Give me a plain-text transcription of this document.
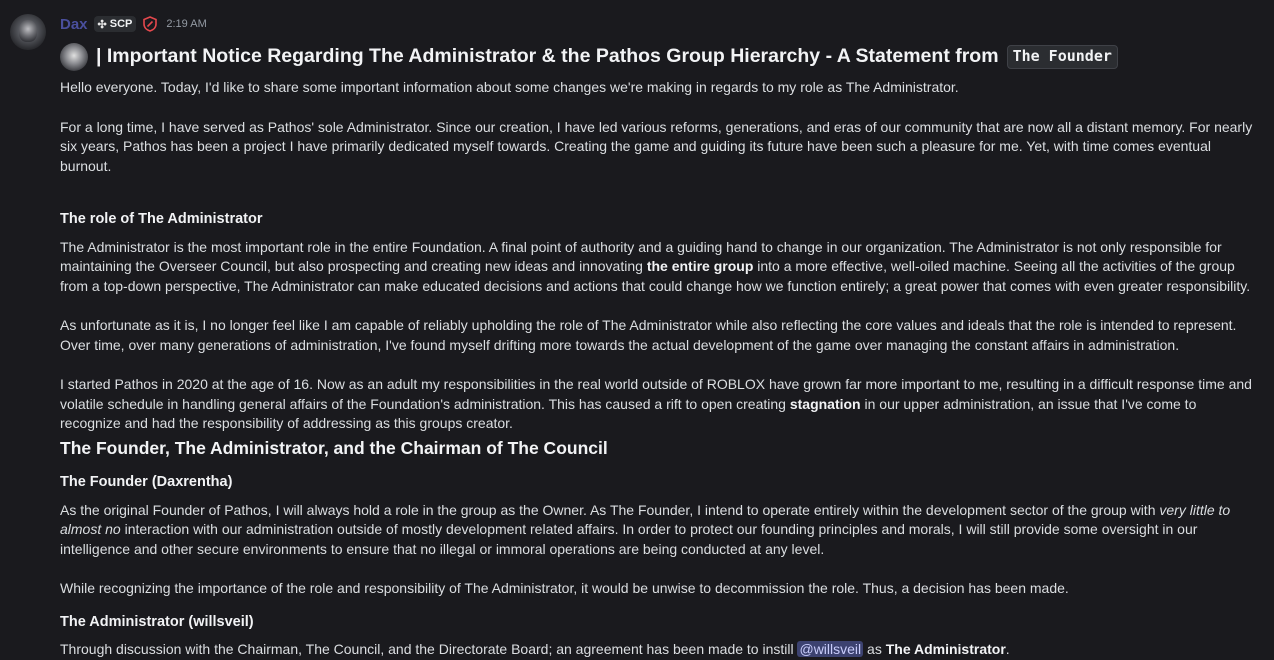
Dax ✣ SCP	2:19 AM
| Important Notice Regarding The Administrator & the Pathos Group Hierarchy - A Statement from The Founder

Hello everyone. Today, I'd like to share some important information about some changes we're making in regards to my role as The Administrator.

For a long time, I have served as Pathos' sole Administrator. Since our creation, I have led various reforms, generations, and eras of our community that are now all a distant memory. For nearly six years, Pathos has been a project I have primarily dedicated myself towards. Creating the game and guiding its future have been such a pleasure for me. Yet, with time comes eventual burnout.

The role of The Administrator

The Administrator is the most important role in the entire Foundation. A final point of authority and a guiding hand to change in our organization. The Administrator is not only responsible for maintaining the Overseer Council, but also prospecting and creating new ideas and innovating the entire group into a more effective, well-oiled machine. Seeing all the activities of the group from a top-down perspective, The Administrator can make educated decisions and actions that could change how we function entirely; a great power that comes with even greater responsibility.

As unfortunate as it is, I no longer feel like I am capable of reliably upholding the role of The Administrator while also reflecting the core values and ideals that the role is intended to represent. Over time, over many generations of administration, I've found myself drifting more towards the actual development of the game over managing the constant affairs in administration.

I started Pathos in 2020 at the age of 16. Now as an adult my responsibilities in the real world outside of ROBLOX have grown far more important to me, resulting in a difficult response time and volatile schedule in handling general affairs of the Foundation's administration. This has caused a rift to open creating stagnation in our upper administration, an issue that I've come to recognize and had the responsibility of addressing as this groups creator.

The Founder, The Administrator, and the Chairman of The Council

The Founder (Daxrentha)

As the original Founder of Pathos, I will always hold a role in the group as the Owner. As The Founder, I intend to operate entirely within the development sector of the group with very little to almost no interaction with our administration outside of mostly development related affairs. In order to protect our founding principles and morals, I will still provide some oversight in our intelligence and other secure environments to ensure that no illegal or immoral operations are being conducted at any level.

While recognizing the importance of the role and responsibility of The Administrator, it would be unwise to decommission the role. Thus, a decision has been made.

The Administrator (willsveil)

Through discussion with the Chairman, The Council, and the Directorate Board; an agreement has been made to instill @willsveil as The Administrator.
